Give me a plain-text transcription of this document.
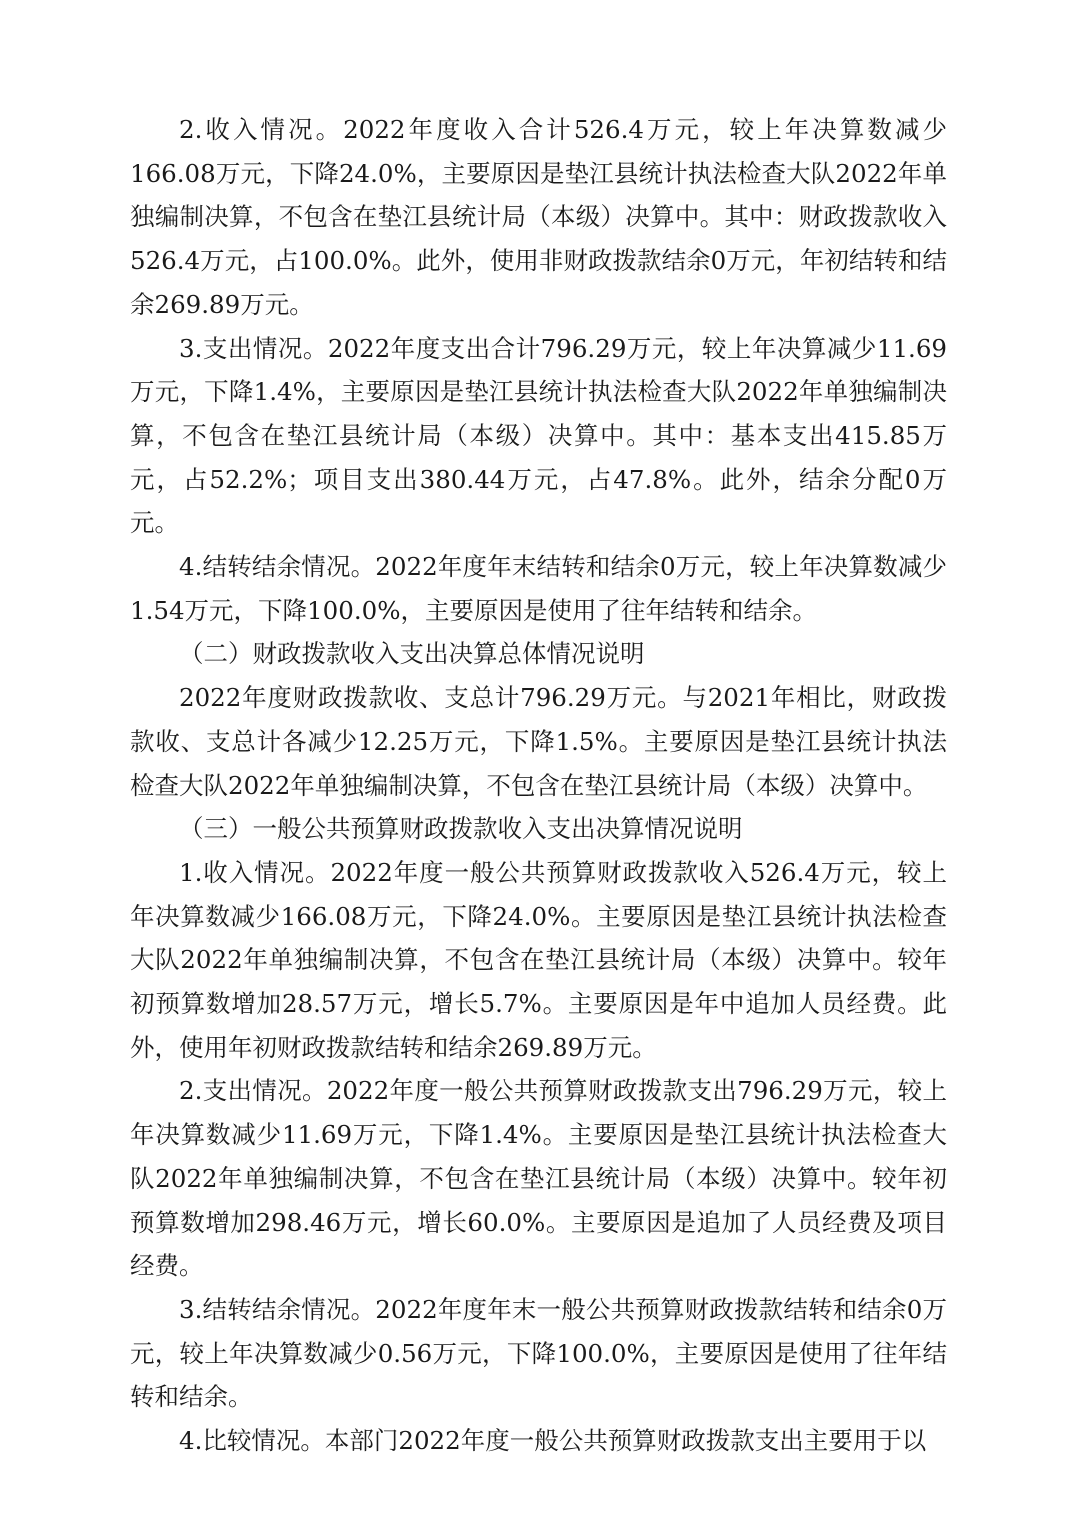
2.收入情况。2022年度收入合计526.4万元，较上年决算数减少166.08万元，下降24.0%，主要原因是垫江县统计执法检查大队2022年单独编制决算，不包含在垫江县统计局（本级）决算中。其中：财政拨款收入526.4万元，占100.0%。此外，使用非财政拨款结余0万元，年初结转和结余269.89万元。

3.支出情况。2022年度支出合计796.29万元，较上年决算减少11.69万元，下降1.4%，主要原因是垫江县统计执法检查大队2022年单独编制决算，不包含在垫江县统计局（本级）决算中。其中：基本支出415.85万元，占52.2%；项目支出380.44万元，占47.8%。此外，结余分配0万元。

4.结转结余情况。2022年度年末结转和结余0万元，较上年决算数减少1.54万元，下降100.0%，主要原因是使用了往年结转和结余。

（二）财政拨款收入支出决算总体情况说明

2022年度财政拨款收、支总计796.29万元。与2021年相比，财政拨款收、支总计各减少12.25万元，下降1.5%。主要原因是垫江县统计执法检查大队2022年单独编制决算，不包含在垫江县统计局（本级）决算中。

（三）一般公共预算财政拨款收入支出决算情况说明

1.收入情况。2022年度一般公共预算财政拨款收入526.4万元，较上年决算数减少166.08万元，下降24.0%。主要原因是垫江县统计执法检查大队2022年单独编制决算，不包含在垫江县统计局（本级）决算中。较年初预算数增加28.57万元，增长5.7%。主要原因是年中追加人员经费。此外，使用年初财政拨款结转和结余269.89万元。

2.支出情况。2022年度一般公共预算财政拨款支出796.29万元，较上年决算数减少11.69万元，下降1.4%。主要原因是垫江县统计执法检查大队2022年单独编制决算，不包含在垫江县统计局（本级）决算中。较年初预算数增加298.46万元，增长60.0%。主要原因是追加了人员经费及项目经费。

3.结转结余情况。2022年度年末一般公共预算财政拨款结转和结余0万元，较上年决算数减少0.56万元，下降100.0%，主要原因是使用了往年结转和结余。

4.比较情况。本部门2022年度一般公共预算财政拨款支出主要用于以
